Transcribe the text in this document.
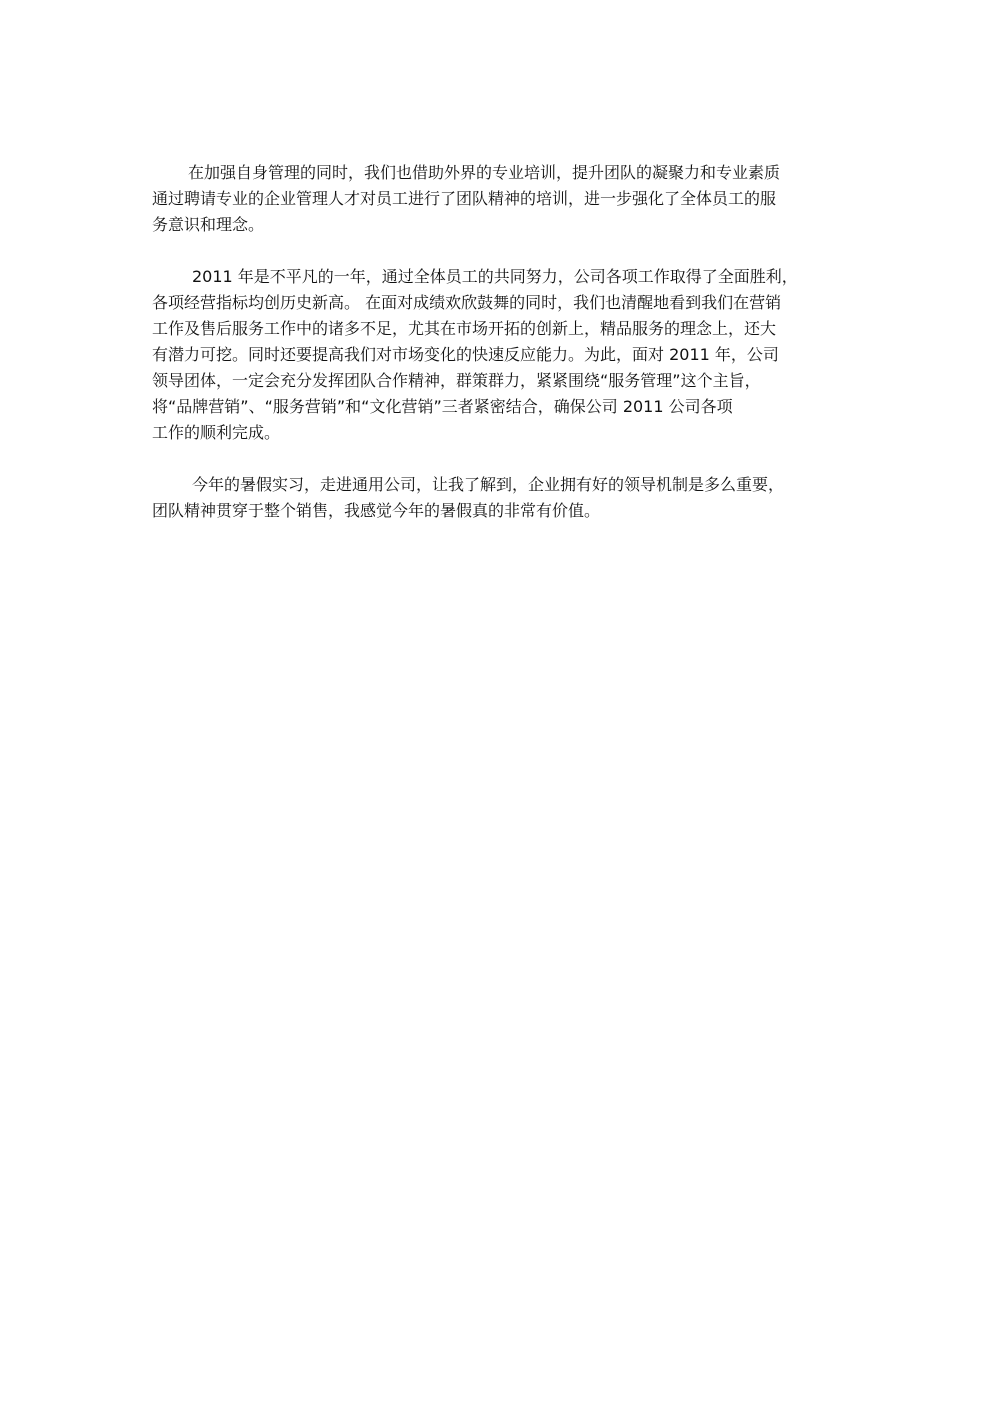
在加强自身管理的同时，我们也借助外界的专业培训，提升团队的凝聚力和专业素质
通过聘请专业的企业管理人才对员工进行了团队精神的培训，进一步强化了全体员工的服
务意识和理念。

2011 年是不平凡的一年，通过全体员工的共同努力，公司各项工作取得了全面胜利，
各项经营指标均创历史新高。 在面对成绩欢欣鼓舞的同时，我们也清醒地看到我们在营销
工作及售后服务工作中的诸多不足，尤其在市场开拓的创新上，精品服务的理念上，还大
有潜力可挖。同时还要提高我们对市场变化的快速反应能力。为此，面对 2011 年，公司
领导团体，一定会充分发挥团队合作精神，群策群力，紧紧围绕“服务管理”这个主旨，
将“品牌营销”、“服务营销”和“文化营销”三者紧密结合，确保公司 2011 公司各项
工作的顺利完成。

今年的暑假实习，走进通用公司，让我了解到，企业拥有好的领导机制是多么重要，
团队精神贯穿于整个销售，我感觉今年的暑假真的非常有价值。
